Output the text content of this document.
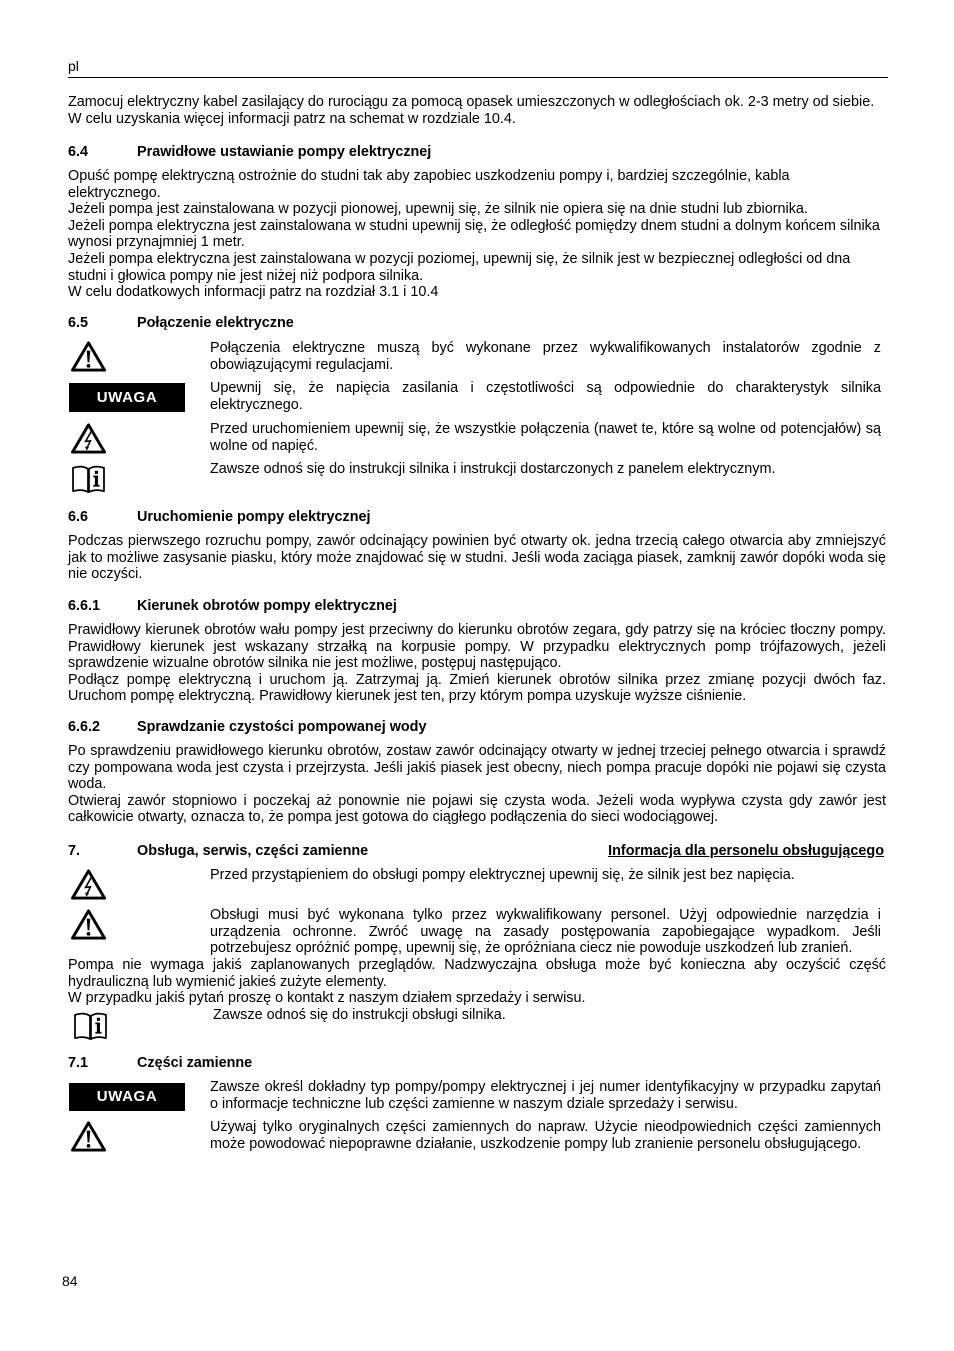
pl
Zamocuj elektryczny kabel zasilający do rurociągu za pomocą opasek umieszczonych w odległościach ok. 2-3 metry od siebie.
W celu uzyskania więcej informacji patrz na schemat w rozdziale 10.4.
6.4	Prawidłowe ustawianie pompy elektrycznej
Opuść pompę elektryczną ostrożnie do studni tak aby zapobiec uszkodzeniu pompy i, bardziej szczególnie, kabla
elektrycznego.
Jeżeli pompa jest zainstalowana w pozycji pionowej, upewnij się, że silnik nie opiera się na dnie studni lub zbiornika.
Jeżeli pompa elektryczna jest zainstalowana w studni upewnij się, że odległość pomiędzy dnem studni a dolnym końcem silnika
wynosi przynajmniej 1 metr.
Jeżeli pompa elektryczna jest zainstalowana w pozycji poziomej, upewnij się, że silnik jest w bezpiecznej odległości od dna
studni i głowica pompy nie jest niżej niż podpora silnika.
W celu dodatkowych informacji patrz na rozdział 3.1 i 10.4
6.5	Połączenie elektryczne
Połączenia elektryczne muszą być wykonane przez wykwalifikowanych instalatorów zgodnie z
obowiązującymi regulacjami.
UWAGA
Upewnij się, że napięcia zasilania i częstotliwości są odpowiednie do charakterystyk silnika
elektrycznego.
Przed uruchomieniem upewnij się, że wszystkie połączenia (nawet te, które są wolne od potencjałów) są
wolne od napięć.
Zawsze odnoś się do instrukcji silnika i instrukcji dostarczonych z panelem elektrycznym.
6.6	Uruchomienie pompy elektrycznej
Podczas pierwszego rozruchu pompy, zawór odcinający powinien być otwarty ok. jedna trzecią całego otwarcia aby zmniejszyć
jak to możliwe zasysanie piasku, który może znajdować się w studni. Jeśli woda zaciąga piasek, zamknij zawór dopóki woda się
nie oczyści.
6.6.1	Kierunek obrotów pompy elektrycznej
Prawidłowy kierunek obrotów wału pompy jest przeciwny do kierunku obrotów zegara, gdy patrzy się na króciec tłoczny pompy.
Prawidłowy kierunek jest wskazany strzałką na korpusie pompy. W przypadku elektrycznych pomp trójfazowych, jeżeli
sprawdzenie wizualne obrotów silnika nie jest możliwe, postępuj następująco.
Podłącz pompę elektryczną i uruchom ją. Zatrzymaj ją. Zmień kierunek obrotów silnika przez zmianę pozycji dwóch faz.
Uruchom pompę elektryczną. Prawidłowy kierunek jest ten, przy którym pompa uzyskuje wyższe ciśnienie.
6.6.2	Sprawdzanie czystości pompowanej wody
Po sprawdzeniu prawidłowego kierunku obrotów, zostaw zawór odcinający otwarty w jednej trzeciej pełnego otwarcia i sprawdź
czy pompowana woda jest czysta i przejrzysta. Jeśli jakiś piasek jest obecny, niech pompa pracuje dopóki nie pojawi się czysta
woda.
Otwieraj zawór stopniowo i poczekaj aż ponownie nie pojawi się czysta woda. Jeżeli woda wypływa czysta gdy zawór jest
całkowicie otwarty, oznacza to, że pompa jest gotowa do ciągłego podłączenia do sieci wodociągowej.
7.	Obsługa, serwis, części zamienne	Informacja dla personelu obsługującego
Przed przystąpieniem do obsługi pompy elektrycznej upewnij się, że silnik jest bez napięcia.
Obsługi musi być wykonana tylko przez wykwalifikowany personel. Użyj odpowiednie narzędzia i
urządzenia ochronne. Zwróć uwagę na zasady postępowania zapobiegające wypadkom. Jeśli
potrzebujesz opróżnić pompę, upewnij się, że opróżniana ciecz nie powoduje uszkodzeń lub zranień.
Pompa nie wymaga jakiś zaplanowanych przeglądów. Nadzwyczajna obsługa może być konieczna aby oczyścić część
hydrauliczną lub wymienić jakieś zużyte elementy.
W przypadku jakiś pytań proszę o kontakt z naszym działem sprzedaży i serwisu.
Zawsze odnoś się do instrukcji obsługi silnika.
7.1	Części zamienne
UWAGA
Zawsze określ dokładny typ pompy/pompy elektrycznej i jej numer identyfikacyjny w przypadku zapytań
o informacje techniczne lub części zamienne w naszym dziale sprzedaży i serwisu.
Używaj tylko oryginalnych części zamiennych do napraw. Użycie nieodpowiednich części zamiennych
może powodować niepoprawne działanie, uszkodzenie pompy lub zranienie personelu obsługującego.
84
